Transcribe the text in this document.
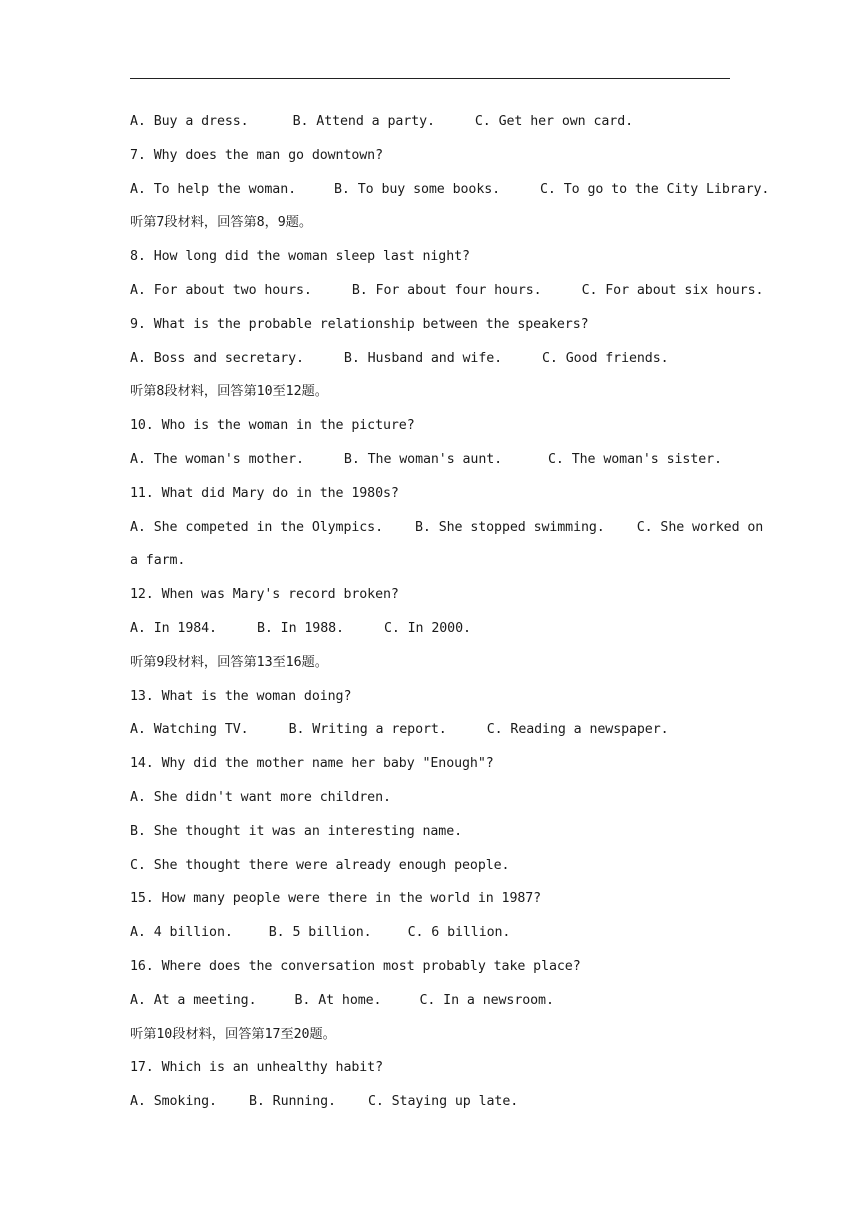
A. Buy a dress.	B. Attend a party.	C. Get her own card.
7. Why does the man go downtown?
A. To help the woman.	B. To buy some books.	C. To go to the City Library.
听第7段材料，回答第8，9题。
8. How long did the woman sleep last night?
A. For about two hours.	B. For about four hours.	C. For about six hours.
9. What is the probable relationship between the speakers?
A. Boss and secretary.	B. Husband and wife.	C. Good friends.
听第8段材料，回答第10至12题。
10. Who is the woman in the picture?
A. The woman's mother.	B. The woman's aunt.	C. The woman's sister.
11. What did Mary do in the 1980s?
A. She competed in the Olympics. B. She stopped swimming. C. She worked on
a farm.
12. When was Mary's record broken?
A. In 1984.	B. In 1988.	C. In 2000.
听第9段材料，回答第13至16题。
13. What is the woman doing?
A. Watching TV.	B. Writing a report.	C. Reading a newspaper.
14. Why did the mother name her baby "Enough"?
A. She didn't want more children.
B. She thought it was an interesting name.
C. She thought there were already enough people.
15. How many people were there in the world in 1987?
A. 4 billion.	B. 5 billion.	C. 6 billion.
16. Where does the conversation most probably take place?
A. At a meeting.	B. At home.	C. In a newsroom.
听第10段材料，回答第17至20题。
17. Which is an unhealthy habit?
A. Smoking. B. Running. C. Staying up late.
